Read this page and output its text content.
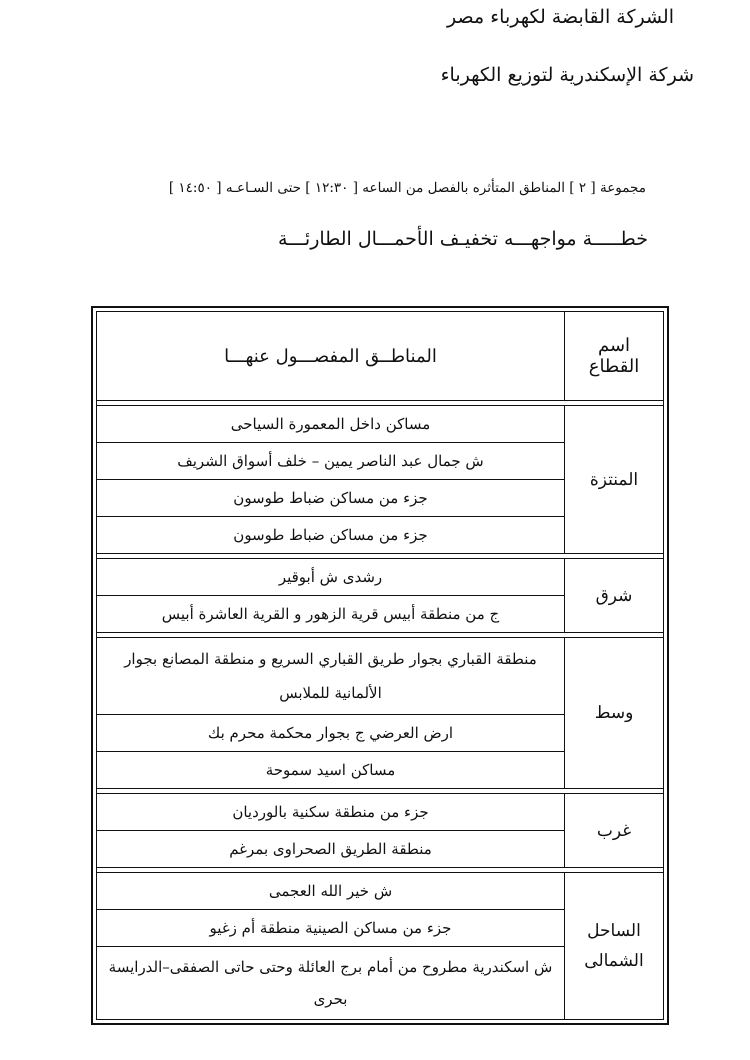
الشركة القابضة لكهرباء مصر
شركة الإسكندرية لتوزيع الكهرباء
مجموعة [ ٢ ] المناطق المتأثره بالفصل من الساعه [ ١٢:٣٠ ] حتى السـاعـه [ ١٤:٥٠ ]
خطـــــة مواجهـــه تخفيـف الأحمـــال الطارئـــة
اسم القطاع	المناطــق المفصـــول عنهـــا

المنتزة	مساكن داخل المعمورة السياحى
	ش جمال عبد الناصر يمين – خلف أسواق الشريف
	جزء من مساكن ضباط طوسون
	جزء من مساكن ضباط طوسون

شرق	رشدى ش أبوقير
	ج من منطقة أبيس قرية الزهور و القرية العاشرة أبيس

وسط	منطقة القباري بجوار طريق القباري السريع و منطقة المصانع بجوار الألمانية للملابس
	ارض العرضي ج بجوار محكمة محرم بك
	مساكن اسيد سموحة

غرب	جزء من منطقة سكنية بالورديان
	منطقة الطريق الصحراوى بمرغم

الساحل الشمالى	ش خير الله العجمى
	جزء من مساكن الصينية منطقة أم زغيو
	ش اسكندرية مطروح من أمام برج العائلة وحتى حاتى الصفقى–الدرايسة بحرى
